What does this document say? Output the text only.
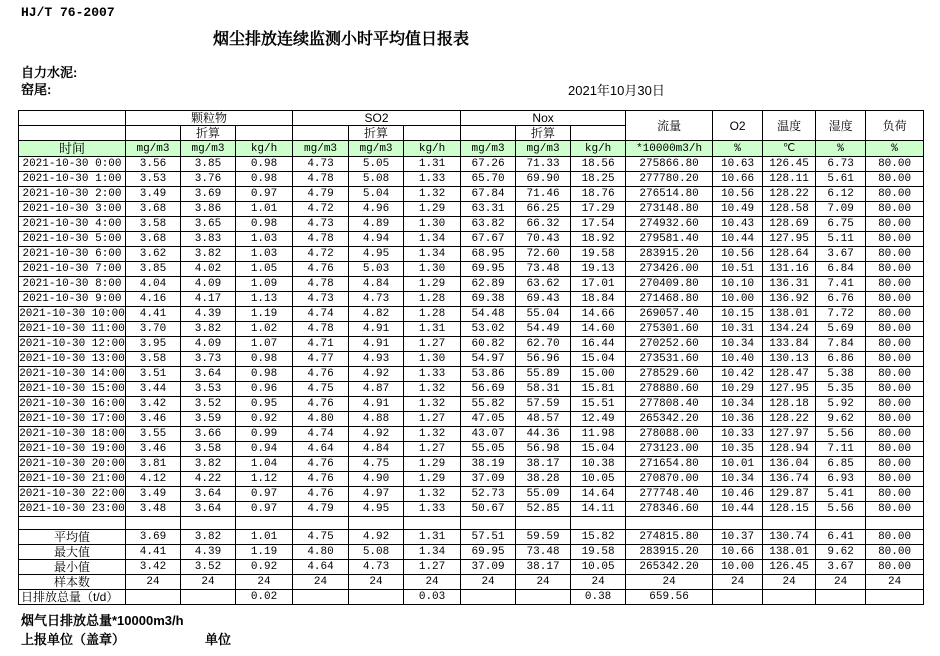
HJ/T 76-2007
烟尘排放连续监测小时平均值日报表
自力水泥:
窑尾:	2021年10月30日
	颗粒物			SO2			Nox			流量	O2	温度	湿度	负荷
		折算			折算			折算						
时间	mg/m3	mg/m3	kg/h	mg/m3	mg/m3	kg/h	mg/m3	mg/m3	kg/h	*10000m3/h	%	℃	%	%
2021-10-30 0:00	3.56	3.85	0.98	4.73	5.05	1.31	67.26	71.33	18.56	275866.80	10.63	126.45	6.73	80.00
2021-10-30 1:00	3.53	3.76	0.98	4.78	5.08	1.33	65.70	69.90	18.25	277780.20	10.66	128.11	5.61	80.00
2021-10-30 2:00	3.49	3.69	0.97	4.79	5.04	1.32	67.84	71.46	18.76	276514.80	10.56	128.22	6.12	80.00
2021-10-30 3:00	3.68	3.86	1.01	4.72	4.96	1.29	63.31	66.25	17.29	273148.80	10.49	128.58	7.09	80.00
2021-10-30 4:00	3.58	3.65	0.98	4.73	4.89	1.30	63.82	66.32	17.54	274932.60	10.43	128.69	6.75	80.00
2021-10-30 5:00	3.68	3.83	1.03	4.78	4.94	1.34	67.67	70.43	18.92	279581.40	10.44	127.95	5.11	80.00
2021-10-30 6:00	3.62	3.82	1.03	4.72	4.95	1.34	68.95	72.60	19.58	283915.20	10.56	128.64	3.67	80.00
2021-10-30 7:00	3.85	4.02	1.05	4.76	5.03	1.30	69.95	73.48	19.13	273426.00	10.51	131.16	6.84	80.00
2021-10-30 8:00	4.04	4.09	1.09	4.78	4.84	1.29	62.89	63.62	17.01	270409.80	10.10	136.31	7.41	80.00
2021-10-30 9:00	4.16	4.17	1.13	4.73	4.73	1.28	69.38	69.43	18.84	271468.80	10.00	136.92	6.76	80.00
2021-10-30 10:00	4.41	4.39	1.19	4.74	4.82	1.28	54.48	55.04	14.66	269057.40	10.15	138.01	7.72	80.00
2021-10-30 11:00	3.70	3.82	1.02	4.78	4.91	1.31	53.02	54.49	14.60	275301.60	10.31	134.24	5.69	80.00
2021-10-30 12:00	3.95	4.09	1.07	4.71	4.91	1.27	60.82	62.70	16.44	270252.60	10.34	133.84	7.84	80.00
2021-10-30 13:00	3.58	3.73	0.98	4.77	4.93	1.30	54.97	56.96	15.04	273531.60	10.40	130.13	6.86	80.00
2021-10-30 14:00	3.51	3.64	0.98	4.76	4.92	1.33	53.86	55.89	15.00	278529.60	10.42	128.47	5.38	80.00
2021-10-30 15:00	3.44	3.53	0.96	4.75	4.87	1.32	56.69	58.31	15.81	278880.60	10.29	127.95	5.35	80.00
2021-10-30 16:00	3.42	3.52	0.95	4.76	4.91	1.32	55.82	57.59	15.51	277808.40	10.34	128.18	5.92	80.00
2021-10-30 17:00	3.46	3.59	0.92	4.80	4.88	1.27	47.05	48.57	12.49	265342.20	10.36	128.22	9.62	80.00
2021-10-30 18:00	3.55	3.66	0.99	4.74	4.92	1.32	43.07	44.36	11.98	278088.00	10.33	127.97	5.56	80.00
2021-10-30 19:00	3.46	3.58	0.94	4.64	4.84	1.27	55.05	56.98	15.04	273123.00	10.35	128.94	7.11	80.00
2021-10-30 20:00	3.81	3.82	1.04	4.76	4.75	1.29	38.19	38.17	10.38	271654.80	10.01	136.04	6.85	80.00
2021-10-30 21:00	4.12	4.22	1.12	4.76	4.90	1.29	37.09	38.28	10.05	270870.00	10.34	136.74	6.93	80.00
2021-10-30 22:00	3.49	3.64	0.97	4.76	4.97	1.32	52.73	55.09	14.64	277748.40	10.46	129.87	5.41	80.00
2021-10-30 23:00	3.48	3.64	0.97	4.79	4.95	1.33	50.67	52.85	14.11	278346.60	10.44	128.15	5.56	80.00

平均值	3.69	3.82	1.01	4.75	4.92	1.31	57.51	59.59	15.82	274815.80	10.37	130.74	6.41	80.00
最大值	4.41	4.39	1.19	4.80	5.08	1.34	69.95	73.48	19.58	283915.20	10.66	138.01	9.62	80.00
最小值	3.42	3.52	0.92	4.64	4.73	1.27	37.09	38.17	10.05	265342.20	10.00	126.45	3.67	80.00
样本数	24	24	24	24	24	24	24	24	24	24	24	24	24	24
日排放总量（t/d）			0.02			0.03			0.38	659.56				
烟气日排放总量*10000m3/h
上报单位（盖章）	单位
